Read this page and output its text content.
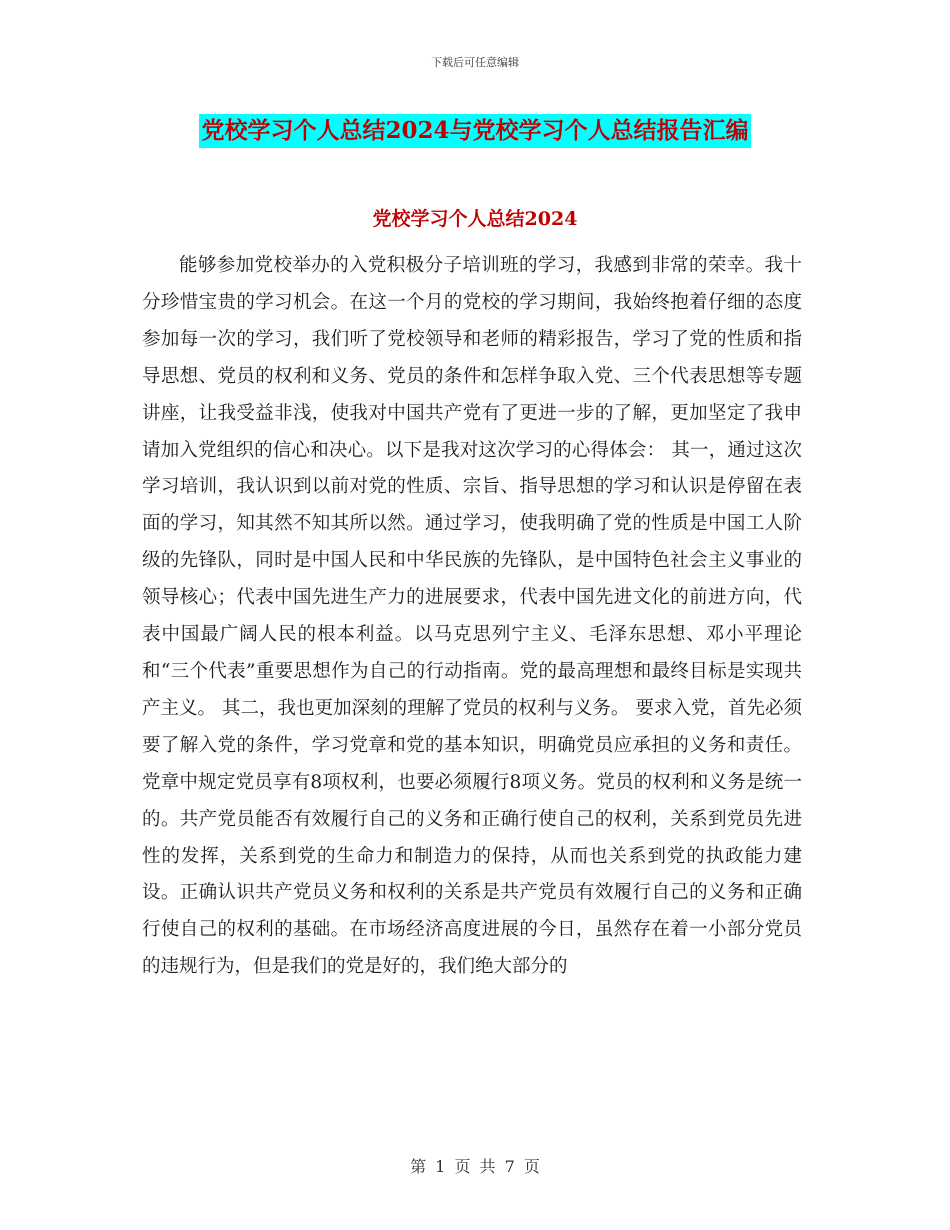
下载后可任意编辑
党校学习个人总结2024与党校学习个人总结报告汇编
党校学习个人总结2024
能够参加党校举办的入党积极分子培训班的学习，我感到非常的荣幸。我十分珍惜宝贵的学习机会。在这一个月的党校的学习期间，我始终抱着仔细的态度参加每一次的学习，我们听了党校领导和老师的精彩报告，学习了党的性质和指导思想、党员的权利和义务、党员的条件和怎样争取入党、三个代表思想等专题讲座，让我受益非浅，使我对中国共产党有了更进一步的了解，更加坚定了我申请加入党组织的信心和决心。以下是我对这次学习的心得体会： 其一，通过这次学习培训，我认识到以前对党的性质、宗旨、指导思想的学习和认识是停留在表面的学习，知其然不知其所以然。通过学习，使我明确了党的性质是中国工人阶级的先锋队，同时是中国人民和中华民族的先锋队，是中国特色社会主义事业的领导核心；代表中国先进生产力的进展要求，代表中国先进文化的前进方向，代表中国最广阔人民的根本利益。以马克思列宁主义、毛泽东思想、邓小平理论和“三个代表”重要思想作为自己的行动指南。党的最高理想和最终目标是实现共产主义。 其二，我也更加深刻的理解了党员的权利与义务。 要求入党，首先必须要了解入党的条件，学习党章和党的基本知识，明确党员应承担的义务和责任。党章中规定党员享有8项权利，也要必须履行8项义务。党员的权利和义务是统一的。共产党员能否有效履行自己的义务和正确行使自己的权利，关系到党员先进性的发挥，关系到党的生命力和制造力的保持，从而也关系到党的执政能力建设。正确认识共产党员义务和权利的关系是共产党员有效履行自己的义务和正确行使自己的权利的基础。在市场经济高度进展的今日，虽然存在着一小部分党员的违规行为，但是我们的党是好的，我们绝大部分的
第 1 页 共 7 页
